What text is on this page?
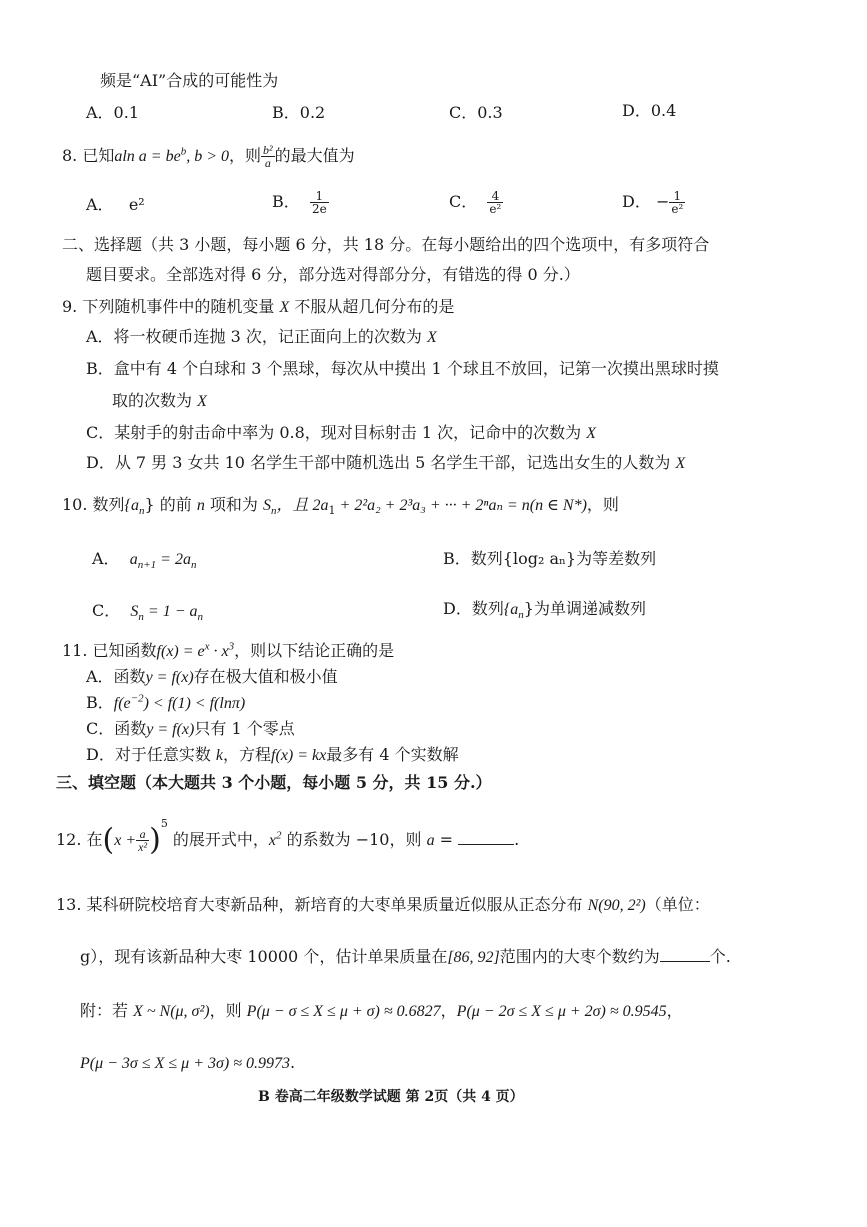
频是“AI”合成的可能性为
A．0.1	B．0.2	C．0.3	D．0.4
8. 已知aln $a = be^b$, b > 0，则 $\frac{\text{b²}}{a}$ 的最大值为
A． e²	B． $\frac{1}{2e}$	C． $\frac{4}{\text{e²}}$	D． − $\frac{1}{\text{e²}}$
二、选择题（共 3 小题，每小题 6 分，共 18 分。在每小题给出的四个选项中，有多项符合
题目要求。全部选对得 6 分，部分选对得部分分，有错选的得 0 分.）
9. 下列随机事件中的随机变量 X 不服从超几何分布的是
A．将一枚硬币连抛 3 次，记正面向上的次数为 X
B．盒中有 4 个白球和 3 个黑球，每次从中摸出 1 个球且不放回，记第一次摸出黑球时摸
取的次数为 X
C．某射手的射击命中率为 0.8，现对目标射击 1 次，记命中的次数为 X
D．从 7 男 3 女共 10 名学生干部中随机选出 5 名学生干部，记选出女生的人数为 X
10. 数列$\{a_n\}$ 的前 n 项和为 $S_n$，且 $2a_1 + 2^2a_2 + 2^3a_3$ + ··· + 2ⁿaₙ = n(n ∈ N*)，则
A． $a_{n+1} = 2a_n$	B．数列{log₂ aₙ}为等差数列
C． $S_n = 1 - a_n$	D．数列$\{a_n\}$为单调递减数列
11. 已知函数$f(x) = e^x \cdot x^3$，则以下结论正确的是
A．函数y = f(x)存在极大值和极小值
B．$f(e^{-2}) < f(1) < f(\ln\pi)$
C．函数y = f(x)只有 1 个零点
D．对于任意实数 k，方程f(x) = kx最多有 4 个实数解
三、填空题（本大题共 3 个小题，每小题 5 分，共 15 分.）
12. 在$(x + \frac{a}{\text{x²}} )^5$ 的展开式中，$x^2$ 的系数为 −10，则 a =	.
13. 某科研院校培育大枣新品种，新培育的大枣单果质量近似服从正态分布 N(90, 2²)（单位：
g），现有该新品种大枣 10000 个，估计单果质量在[86, 92]范围内的大枣个数约为	个.
附：若 X ~ N(μ, σ²)，则 P(μ − σ ≤ X ≤ μ + σ) ≈ 0.6827，P(μ − 2σ ≤ X ≤ μ + 2σ) ≈ 0.9545，
P(μ − 3σ ≤ X ≤ μ + 3σ) ≈ 0.9973.
B 卷高二年级数学试题 第 2页（共 4 页）
